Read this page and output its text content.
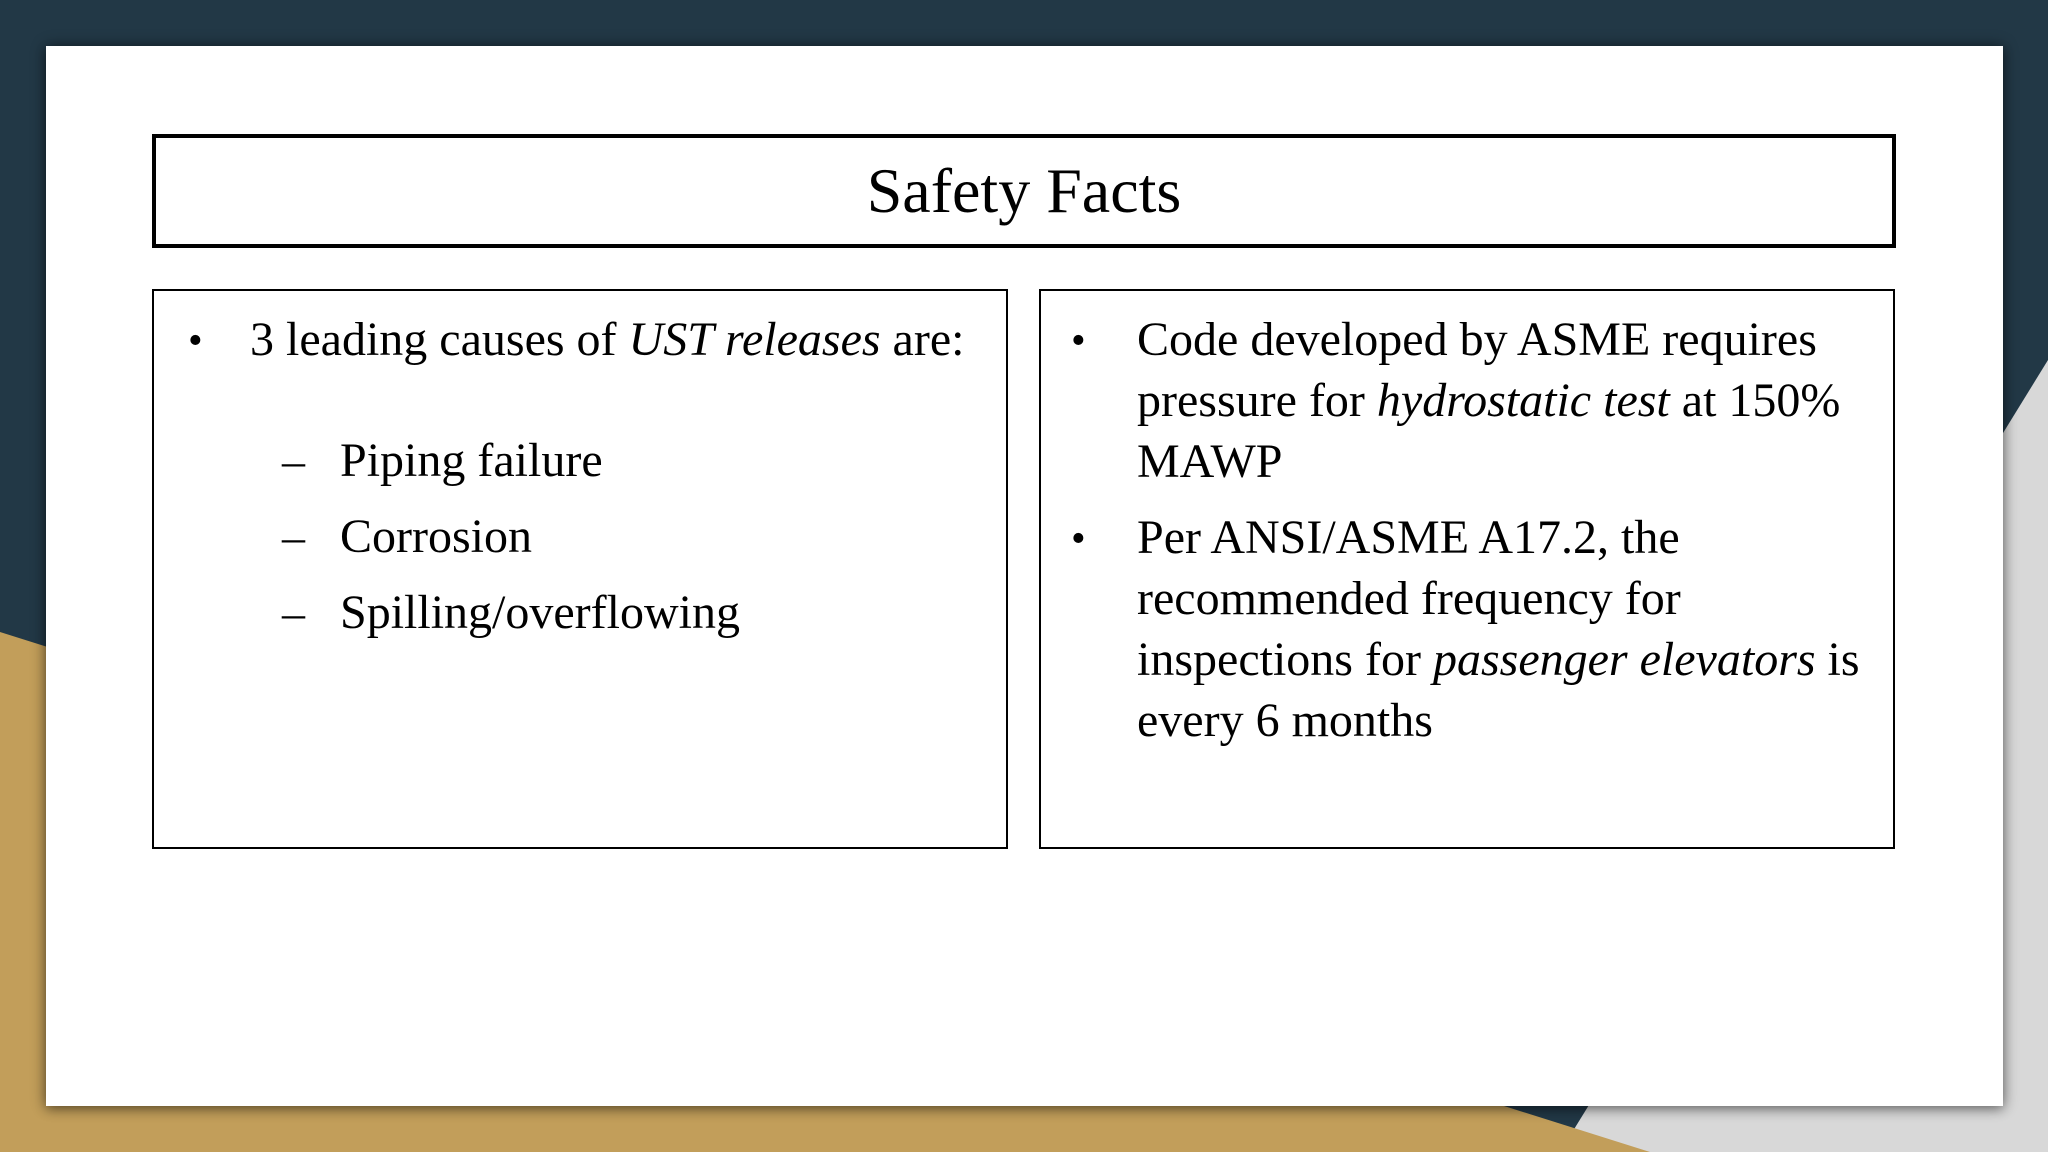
Safety Facts
• 3 leading causes of UST releases are:
– Piping failure
– Corrosion
– Spilling/overflowing
• Code developed by ASME requires pressure for hydrostatic test at 150% MAWP
• Per ANSI/ASME A17.2, the recommended frequency for inspections for passenger elevators is every 6 months
